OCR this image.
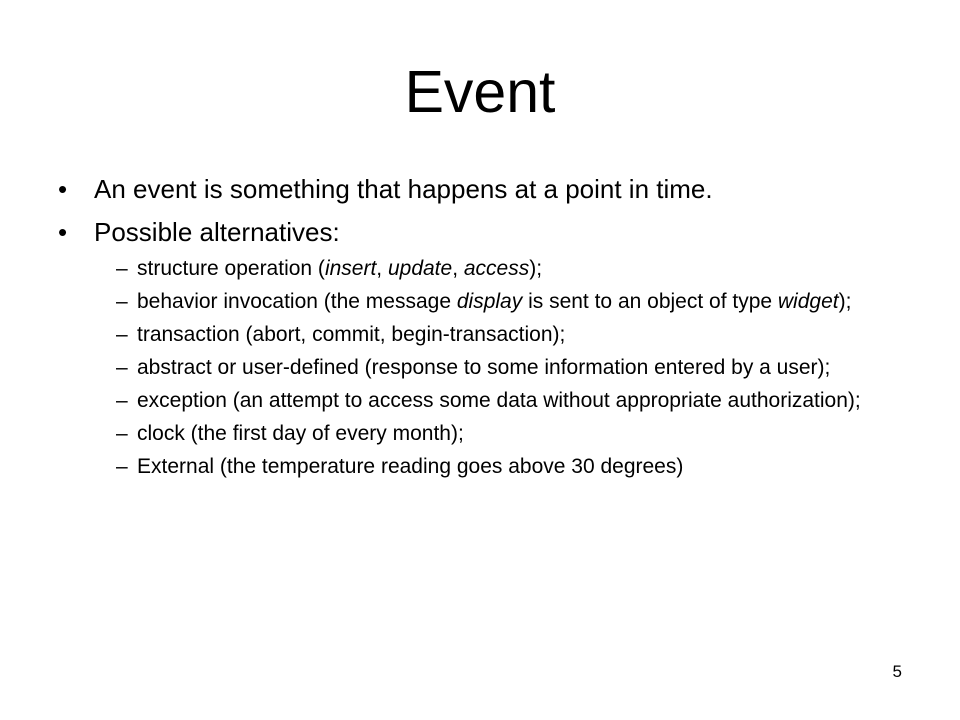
Event
• An event is something that happens at a point in time.
• Possible alternatives:
– structure operation (insert, update, access);
– behavior invocation (the message display is sent to an object of type widget);
– transaction (abort, commit, begin-transaction);
– abstract or user-defined (response to some information entered by a user);
– exception (an attempt to access some data without appropriate authorization);
– clock (the first day of every month);
– External (the temperature reading goes above 30 degrees)
5
